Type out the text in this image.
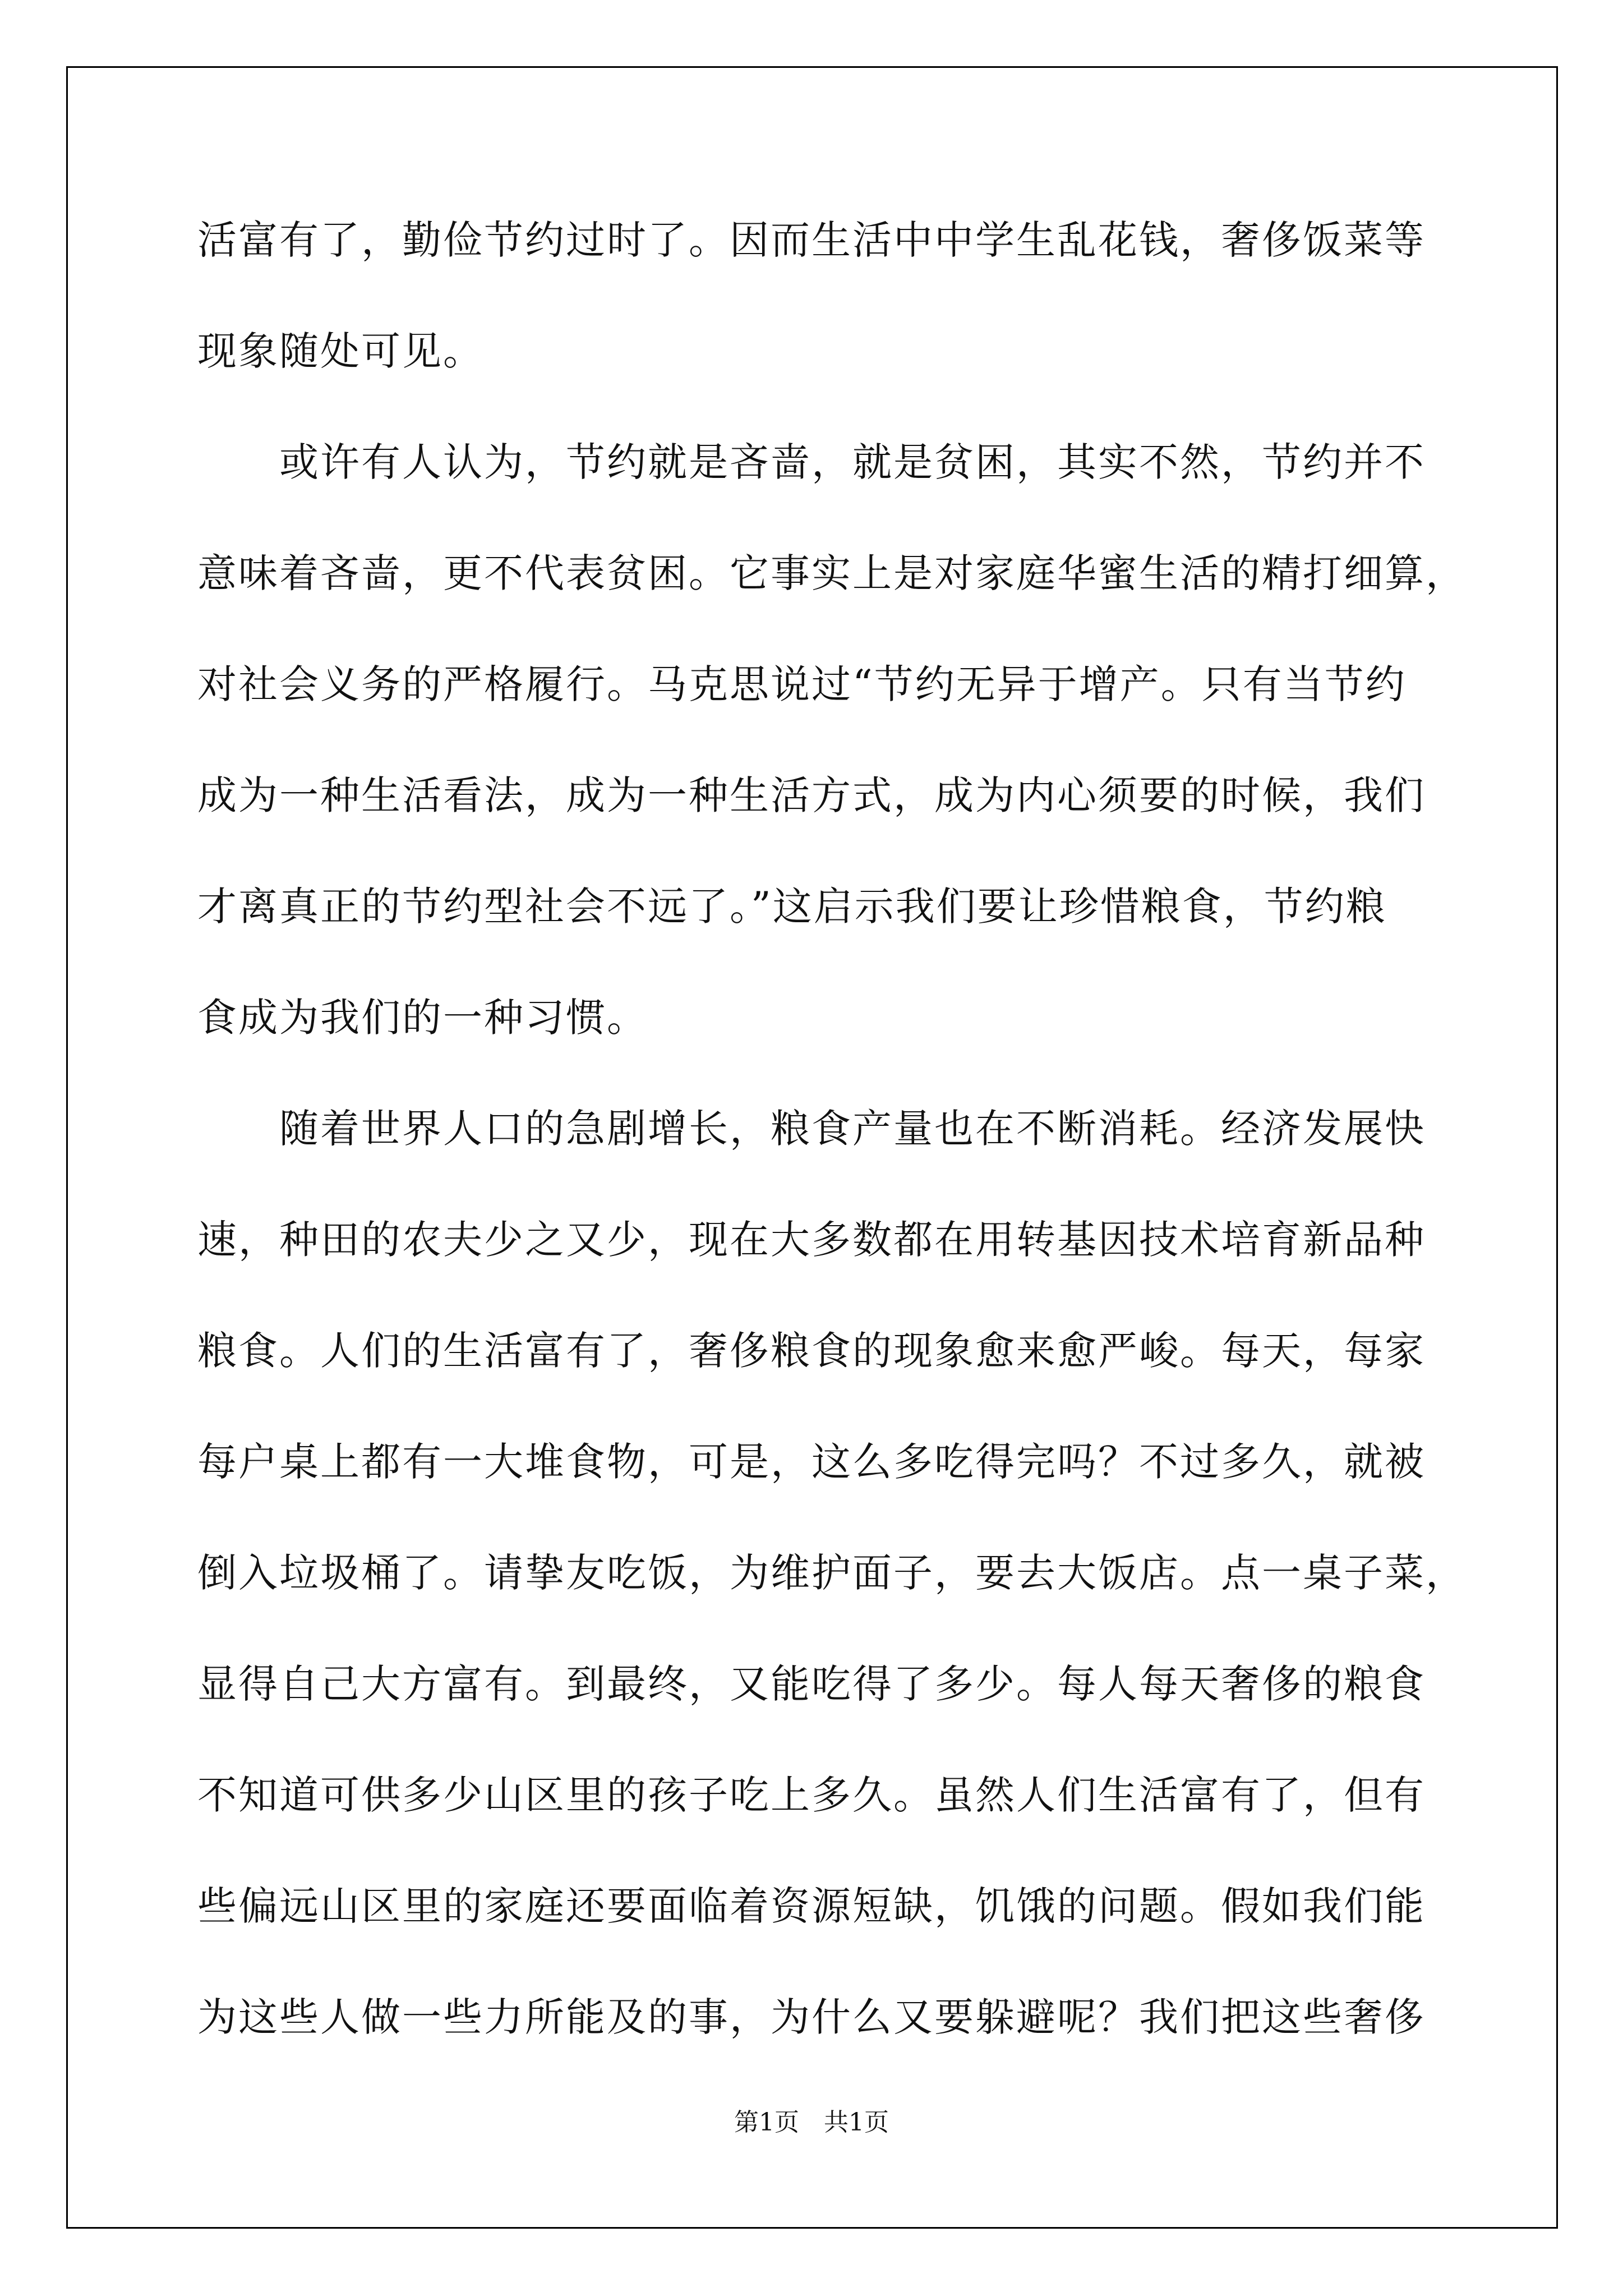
活富有了，勤俭节约过时了。因而生活中中学生乱花钱，奢侈饭菜等
现象随处可见。
　　或许有人认为，节约就是吝啬，就是贫困，其实不然，节约并不
意味着吝啬，更不代表贫困。它事实上是对家庭华蜜生活的精打细算，
对社会义务的严格履行。马克思说过“节约无异于增产。只有当节约
成为一种生活看法，成为一种生活方式，成为内心须要的时候，我们
才离真正的节约型社会不远了。”这启示我们要让珍惜粮食，节约粮
食成为我们的一种习惯。
　　随着世界人口的急剧增长，粮食产量也在不断消耗。经济发展快
速，种田的农夫少之又少，现在大多数都在用转基因技术培育新品种
粮食。人们的生活富有了，奢侈粮食的现象愈来愈严峻。每天，每家
每户桌上都有一大堆食物，可是，这么多吃得完吗？不过多久，就被
倒入垃圾桶了。请挚友吃饭，为维护面子，要去大饭店。点一桌子菜，
显得自己大方富有。到最终，又能吃得了多少。每人每天奢侈的粮食
不知道可供多少山区里的孩子吃上多久。虽然人们生活富有了，但有
些偏远山区里的家庭还要面临着资源短缺，饥饿的问题。假如我们能
为这些人做一些力所能及的事，为什么又要躲避呢？我们把这些奢侈
第1页　共1页
